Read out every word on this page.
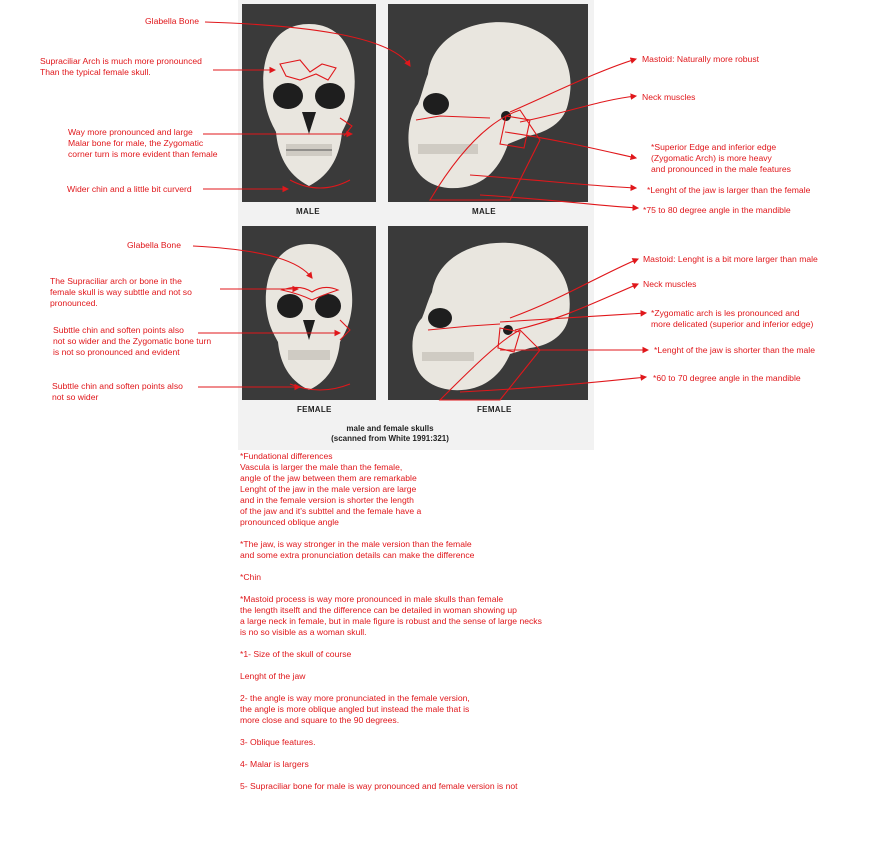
MALE	MALE
FEMALE	FEMALE
male and female skulls
(scanned from White 1991:321)
Glabella Bone
Supraciliar Arch is much more pronounced
Than the typical female skull.
Way more pronounced and large
Malar bone for male, the Zygomatic
corner turn is more evident than female
Wider chin and a little bit curverd
Mastoid: Naturally more robust
Neck muscles
*Superior Edge and inferior edge
(Zygomatic Arch) is more heavy
and pronounced in the male features
*Lenght of the jaw is larger than the female
*75 to 80 degree angle in the mandible
Glabella Bone
The Supraciliar arch or bone in the
female skull is way subttle and not so
pronounced.
Subttle chin and soften points also
not so wider and the Zygomatic bone turn
is not so pronounced and evident
Subttle chin and soften points also
not so wider
Mastoid: Lenght is a bit more larger than male
Neck muscles
*Zygomatic arch is les pronounced and
more delicated (superior and inferior edge)
*Lenght of the jaw is shorter than the male
*60 to 70 degree angle in the mandible

*Fundational differences
Vascula is larger the male than the female,
angle of the jaw between them are remarkable
Lenght of the jaw in the male version are large
and in the female version is shorter the length
of the jaw and it's subttel and the female have a
pronounced oblique angle

*The jaw, is way stronger in the male version than the female
and some extra pronunciation details can make the difference

*Chin

*Mastoid process is way more pronounced in male skulls than female
the length itselft and the difference can be detailed in woman showing up
a large neck in female, but in male figure is robust and the sense of large necks
is no so visible as a woman skull.

*1- Size of the skull of course

Lenght of the jaw

2- the angle is way more pronunciated in the female version,
the angle is more oblique angled but instead the male that is
more close and square to the 90 degrees.

3- Oblique features.

4- Malar is largers

5- Supraciliar bone for male is way pronounced and female version is not
